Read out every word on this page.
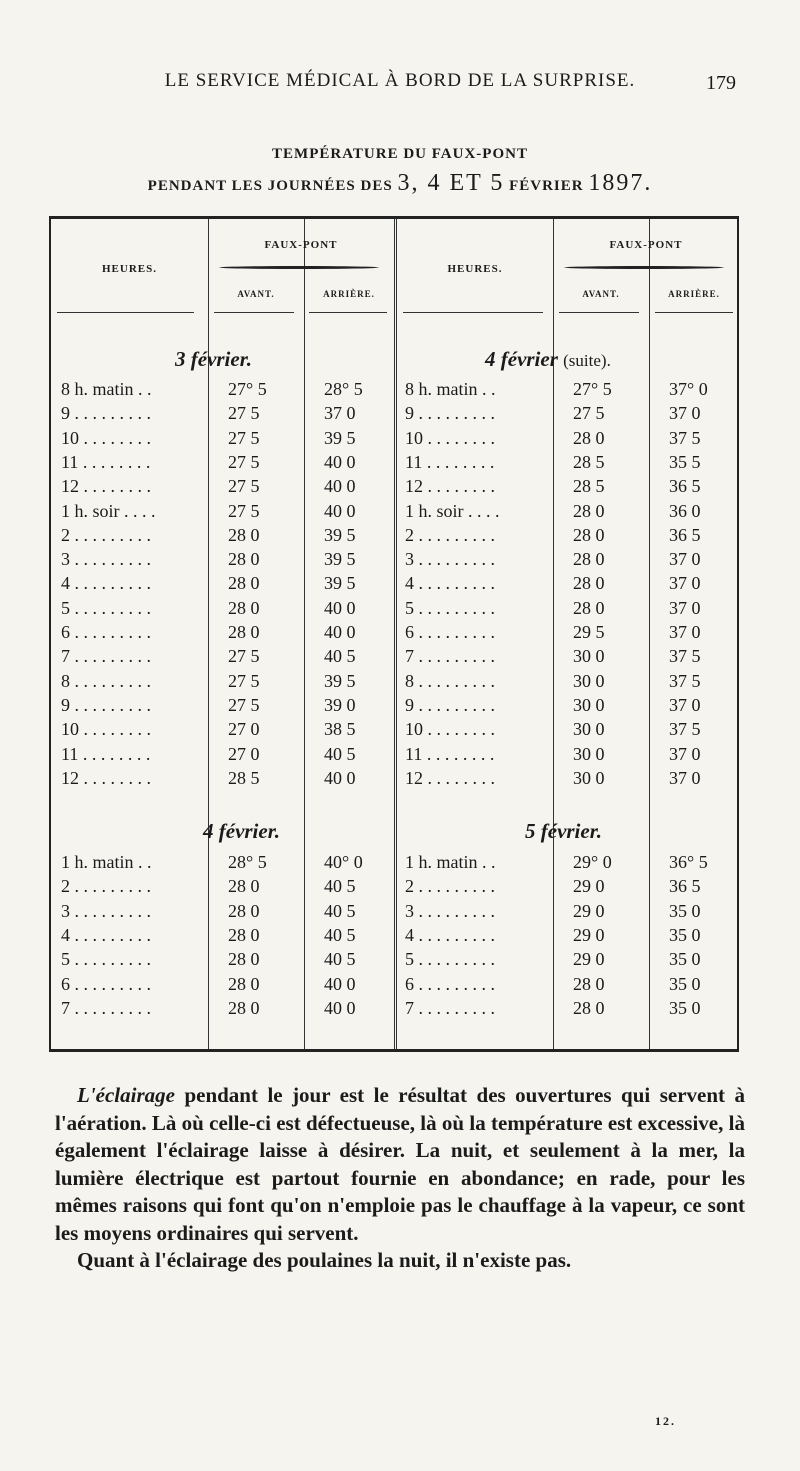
LE SERVICE MÉDICAL À BORD DE LA SURPRISE.	179
TEMPÉRATURE DU FAUX-PONT
PENDANT LES JOURNÉES DES 3, 4 ET 5 FÉVRIER 1897.
HEURES.
FAUX-PONT
AVANT.	ARRIÈRE.
HEURES.
FAUX-PONT
AVANT.	ARRIÈRE.
3 février.
4 février.
4 février (suite).
5 février.
8 h. matin . .	27° 5	28° 5
9 . . . . . . . . .	27 5	37 0
10 . . . . . . . .	27 5	39 5
11 . . . . . . . .	27 5	40 0
12 . . . . . . . .	27 5	40 0
1 h. soir . . . .	27 5	40 0
2 . . . . . . . . .	28 0	39 5
3 . . . . . . . . .	28 0	39 5
4 . . . . . . . . .	28 0	39 5
5 . . . . . . . . .	28 0	40 0
6 . . . . . . . . .	28 0	40 0
7 . . . . . . . . .	27 5	40 5
8 . . . . . . . . .	27 5	39 5
9 . . . . . . . . .	27 5	39 0
10 . . . . . . . .	27 0	38 5
11 . . . . . . . .	27 0	40 5
12 . . . . . . . .	28 5	40 0
1 h. matin . .	28° 5	40° 0
2 . . . . . . . . .	28 0	40 5
3 . . . . . . . . .	28 0	40 5
4 . . . . . . . . .	28 0	40 5
5 . . . . . . . . .	28 0	40 5
6 . . . . . . . . .	28 0	40 0
7 . . . . . . . . .	28 0	40 0
8 h. matin . .	27° 5	37° 0
9 . . . . . . . . .	27 5	37 0
10 . . . . . . . .	28 0	37 5
11 . . . . . . . .	28 5	35 5
12 . . . . . . . .	28 5	36 5
1 h. soir . . . .	28 0	36 0
2 . . . . . . . . .	28 0	36 5
3 . . . . . . . . .	28 0	37 0
4 . . . . . . . . .	28 0	37 0
5 . . . . . . . . .	28 0	37 0
6 . . . . . . . . .	29 5	37 0
7 . . . . . . . . .	30 0	37 5
8 . . . . . . . . .	30 0	37 5
9 . . . . . . . . .	30 0	37 0
10 . . . . . . . .	30 0	37 5
11 . . . . . . . .	30 0	37 0
12 . . . . . . . .	30 0	37 0
1 h. matin . .	29° 0	36° 5
2 . . . . . . . . .	29 0	36 5
3 . . . . . . . . .	29 0	35 0
4 . . . . . . . . .	29 0	35 0
5 . . . . . . . . .	29 0	35 0
6 . . . . . . . . .	28 0	35 0
7 . . . . . . . . .	28 0	35 0

L'éclairage pendant le jour est le résultat des ouvertures qui servent à l'aération. Là où celle-ci est défectueuse, là où la température est excessive, là également l'éclairage laisse à désirer. La nuit, et seulement à la mer, la lumière électrique est partout fournie en abondance; en rade, pour les mêmes raisons qui font qu'on n'emploie pas le chauffage à la vapeur, ce sont les moyens ordinaires qui servent.

Quant à l'éclairage des poulaines la nuit, il n'existe pas.

12.
